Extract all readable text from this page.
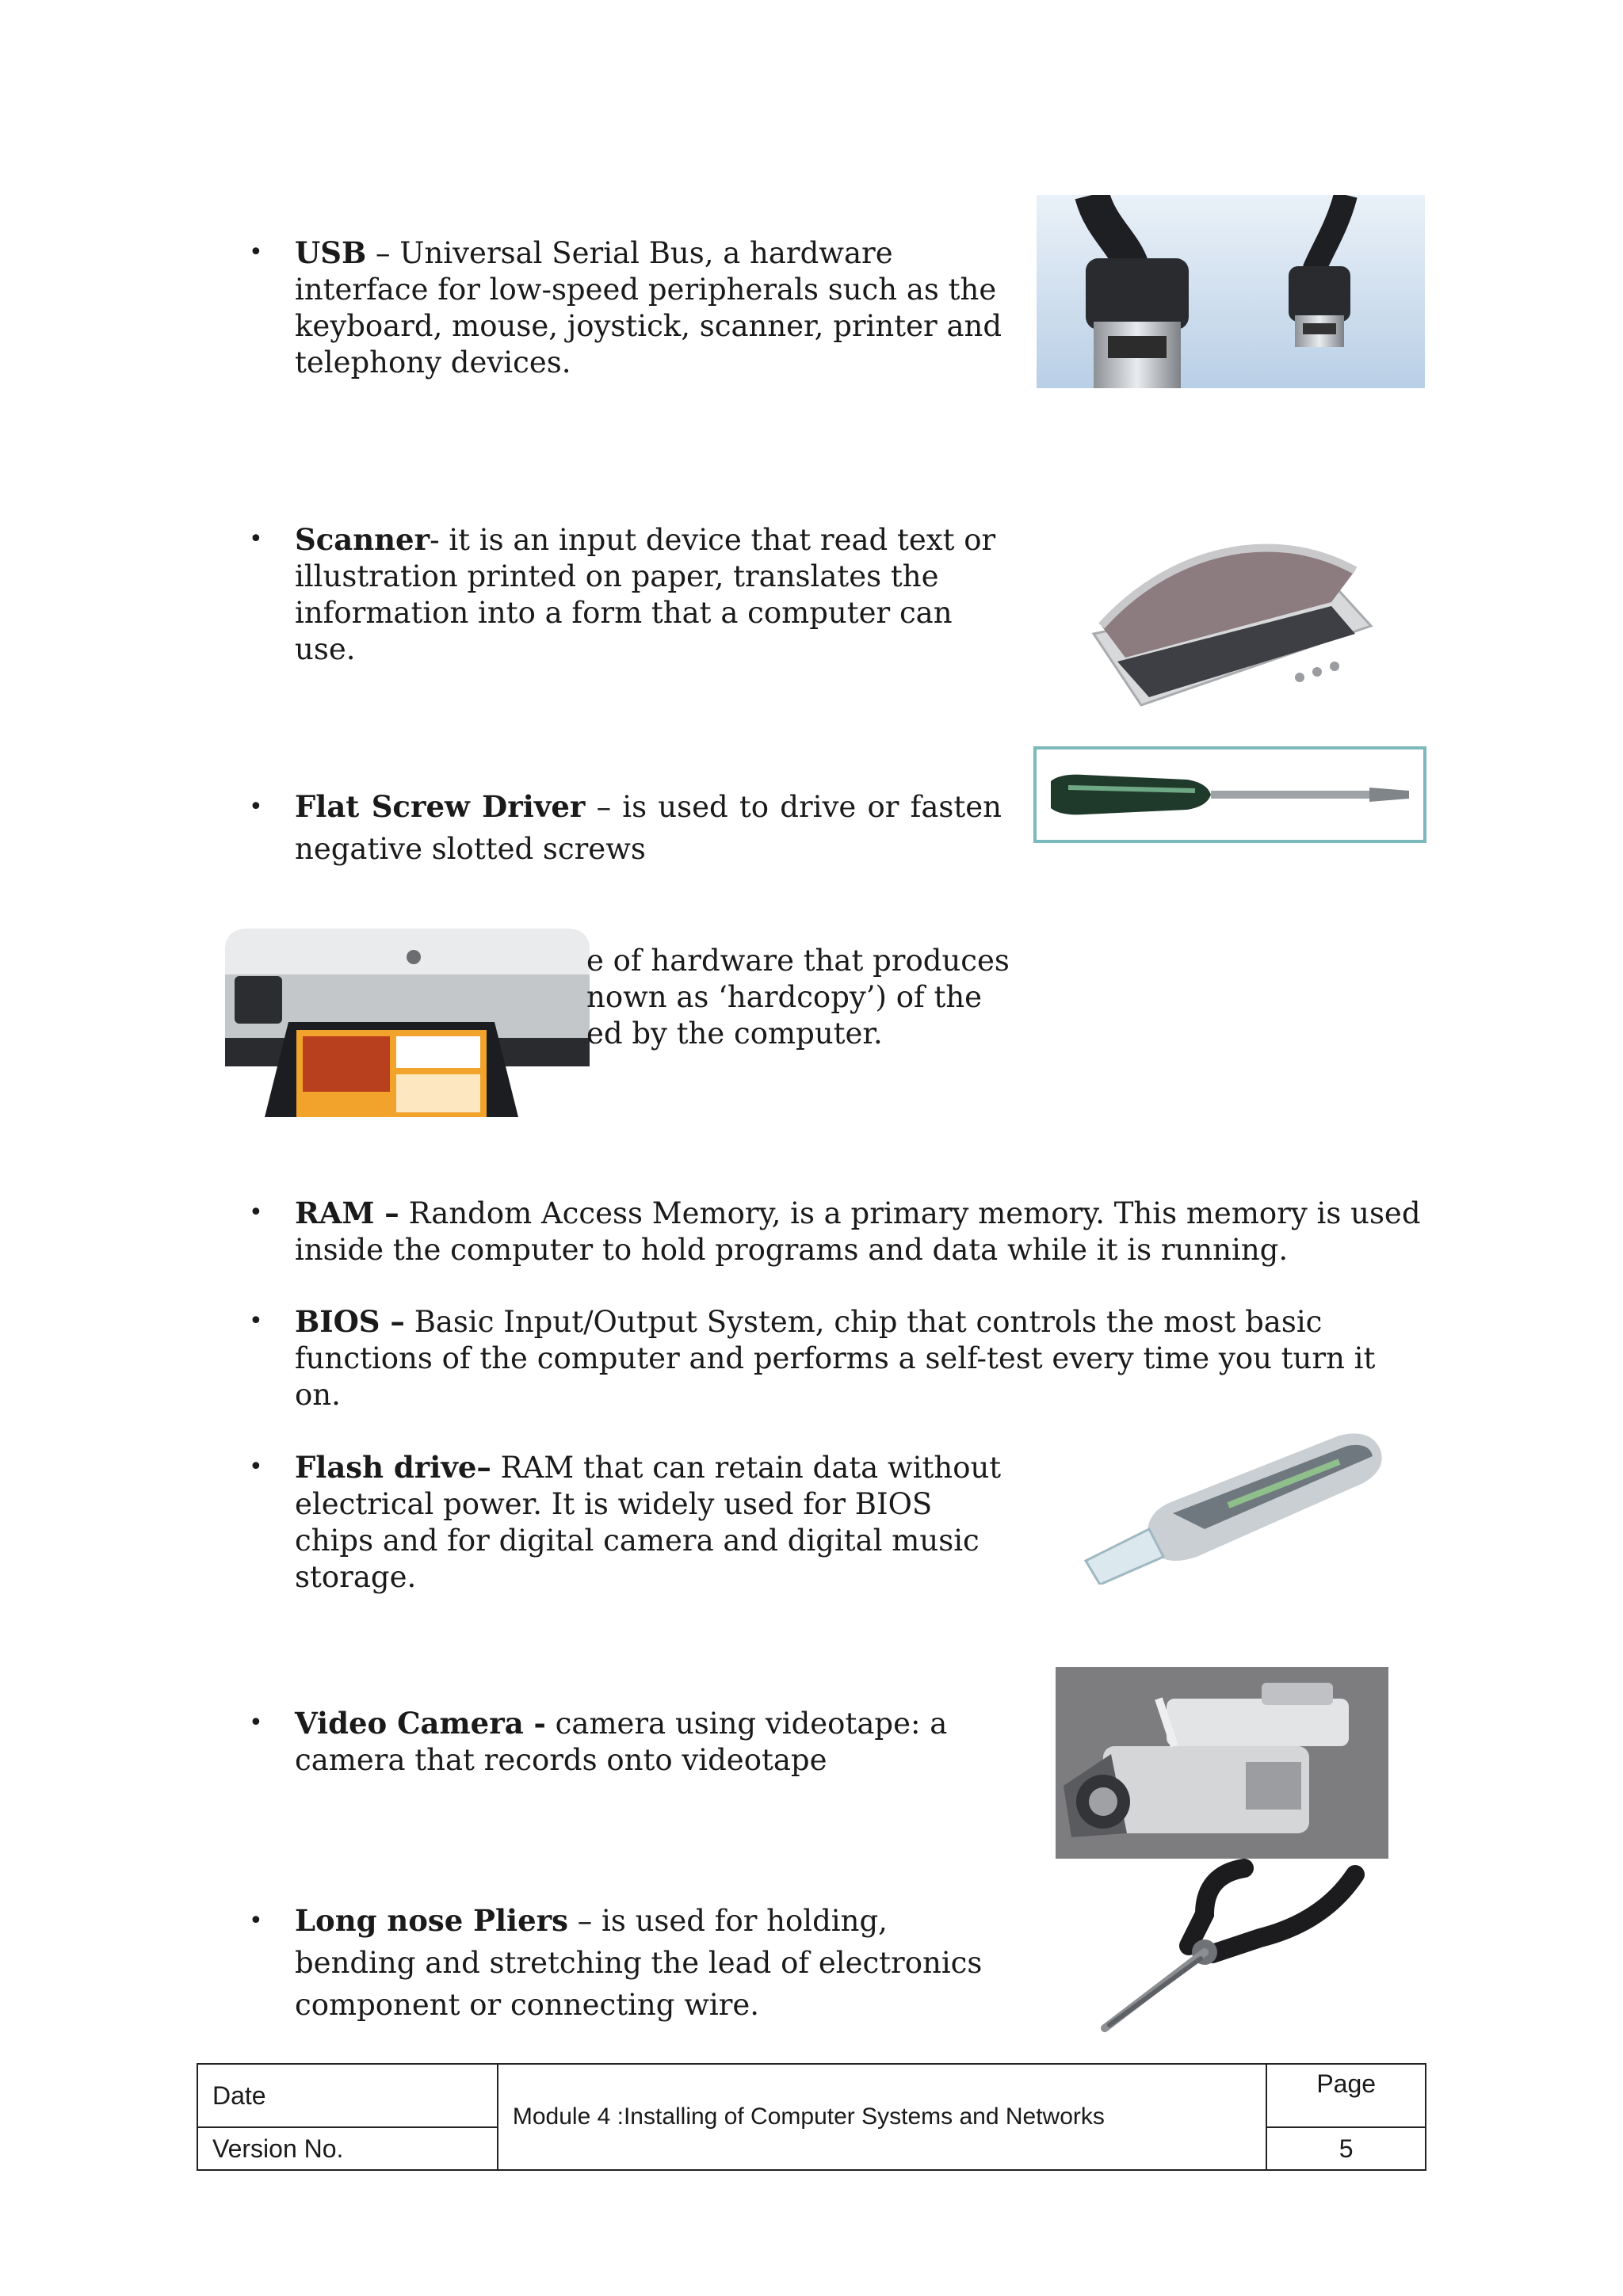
• USB – Universal Serial Bus, a hardware interface for low-speed peripherals such as the keyboard, mouse, joystick, scanner, printer and telephony devices.
• Scanner- it is an input device that read text or illustration printed on paper, translates the information into a form that a computer can use.
• Flat Screw Driver – is used to drive or fasten negative slotted screws
e of hardware that produces
nown as ‘hardcopy’) of the
ed by the computer.
• RAM – Random Access Memory, is a primary memory. This memory is used inside the computer to hold programs and data while it is running.
• BIOS – Basic Input/Output System, chip that controls the most basic functions of the computer and performs a self-test every time you turn it on.
• Flash drive– RAM that can retain data without electrical power. It is widely used for BIOS chips and for digital camera and digital music storage.
• Video Camera - camera using videotape: a camera that records onto videotape
• Long nose Pliers – is used for holding, bending and stretching the lead of electronics component or connecting wire.
Date	Module 4 :Installing of Computer Systems and Networks	Page
Version No.		5
